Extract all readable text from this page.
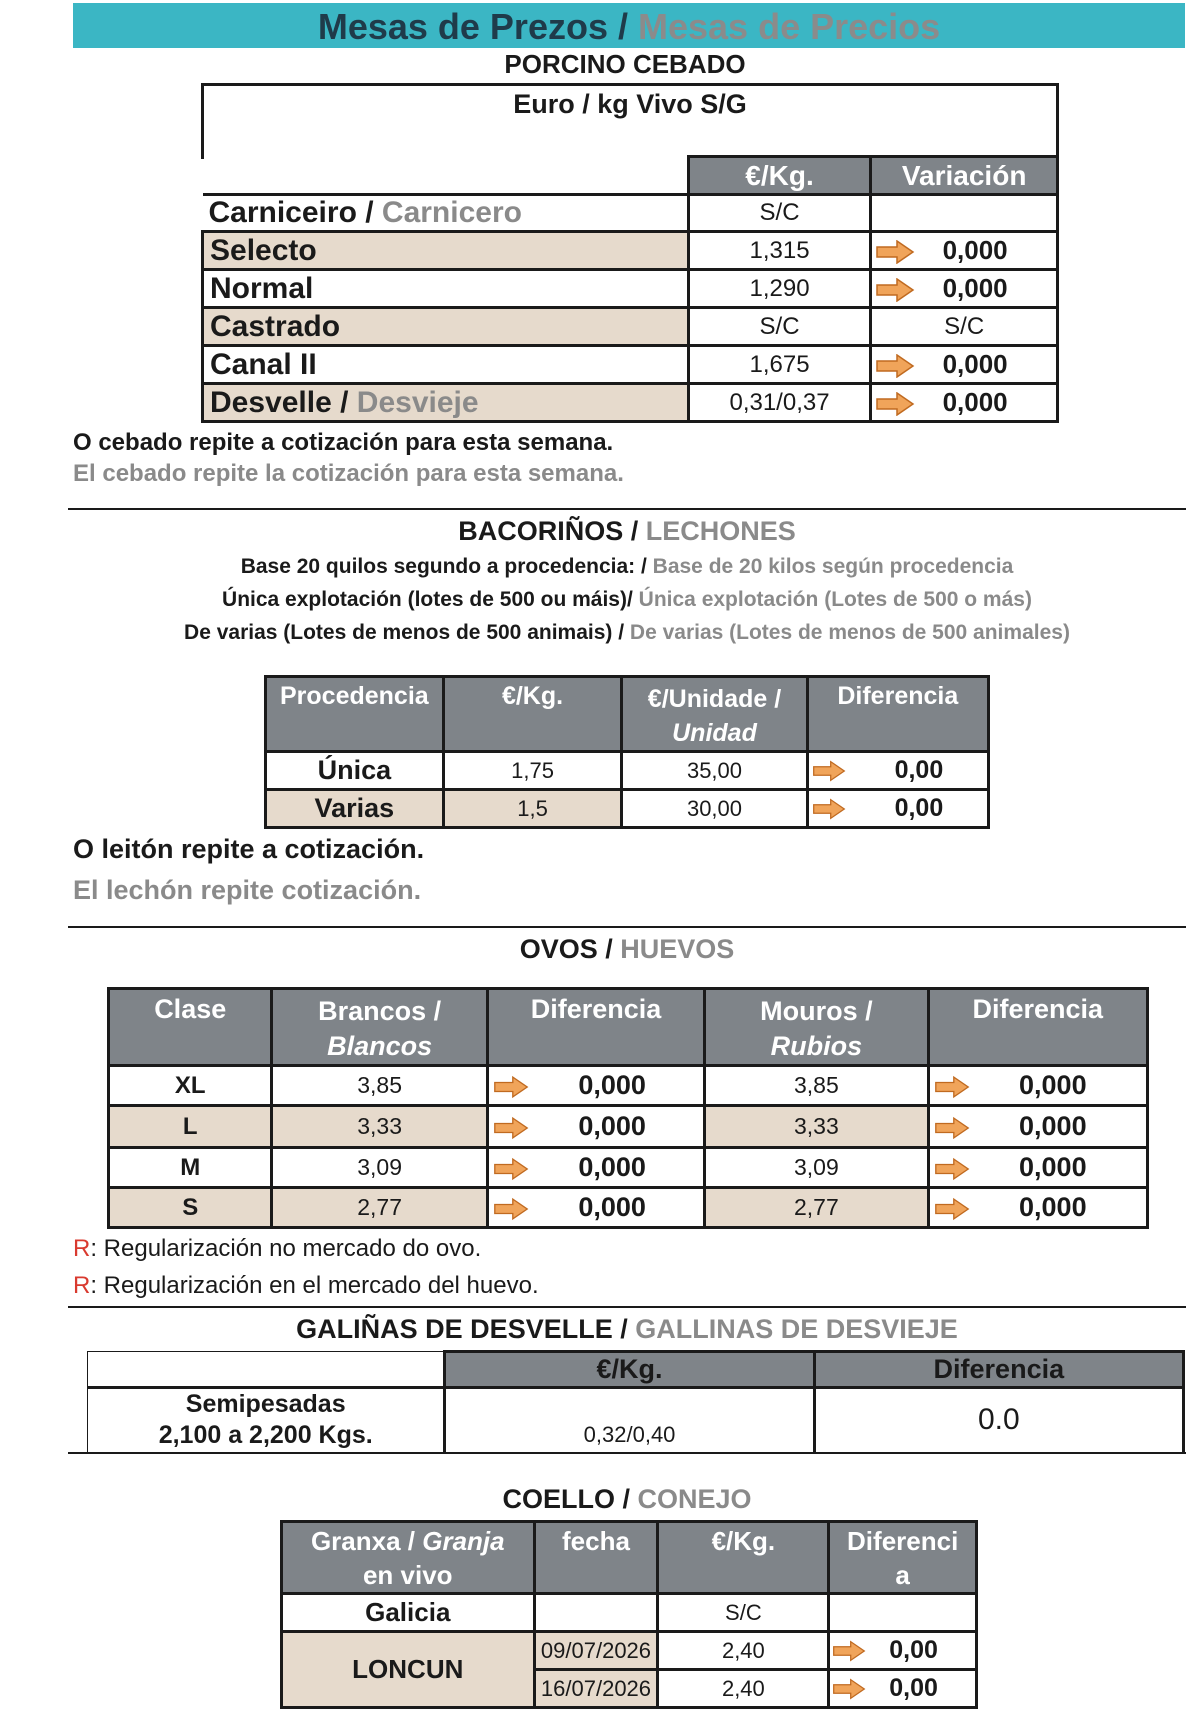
Mesas de Prezos / Mesas de Precios
PORCINO CEBADO
Euro / kg Vivo S/G
	€/Kg.	Variación
Carniceiro / Carnicero	S/C	
Selecto	1,315	0,000
Normal	1,290	0,000
Castrado	S/C	S/C
Canal II	1,675	0,000
Desvelle / Desvieje	0,31/0,37	0,000
O cebado repite a cotización para esta semana.
El cebado repite la cotización para esta semana.
BACORIÑOS / LECHONES
Base 20 quilos segundo a procedencia: / Base de 20 kilos según procedencia
Única explotación (lotes de 500 ou máis)/ Única explotación (Lotes de 500 o más)
De varias (Lotes de menos de 500 animais) / De varias (Lotes de menos de 500 animales)
Procedencia	€/Kg.	€/Unidade /
Unidad	Diferencia
Única	1,75	35,00	0,00
Varias	1,5	30,00	0,00
O leitón repite a cotización.
El lechón repite cotización.
OVOS / HUEVOS
Clase	Brancos /
Blancos	Diferencia	Mouros /
Rubios	Diferencia
XL	3,85	0,000	3,85	0,000
L	3,33	0,000	3,33	0,000
M	3,09	0,000	3,09	0,000
S	2,77	0,000	2,77	0,000
R: Regularización no mercado do ovo.
R: Regularización en el mercado del huevo.
GALIÑAS DE DESVELLE / GALLINAS DE DESVIEJE
	€/Kg.	Diferencia
Semipesadas
2,100 a 2,200 Kgs.	0,32/0,40	0.0
COELLO / CONEJO
Granxa / Granja
en vivo	fecha	€/Kg.	Diferenci
a
Galicia		S/C	
LONCUN	09/07/2026	2,40	0,00
	16/07/2026	2,40	0,00
